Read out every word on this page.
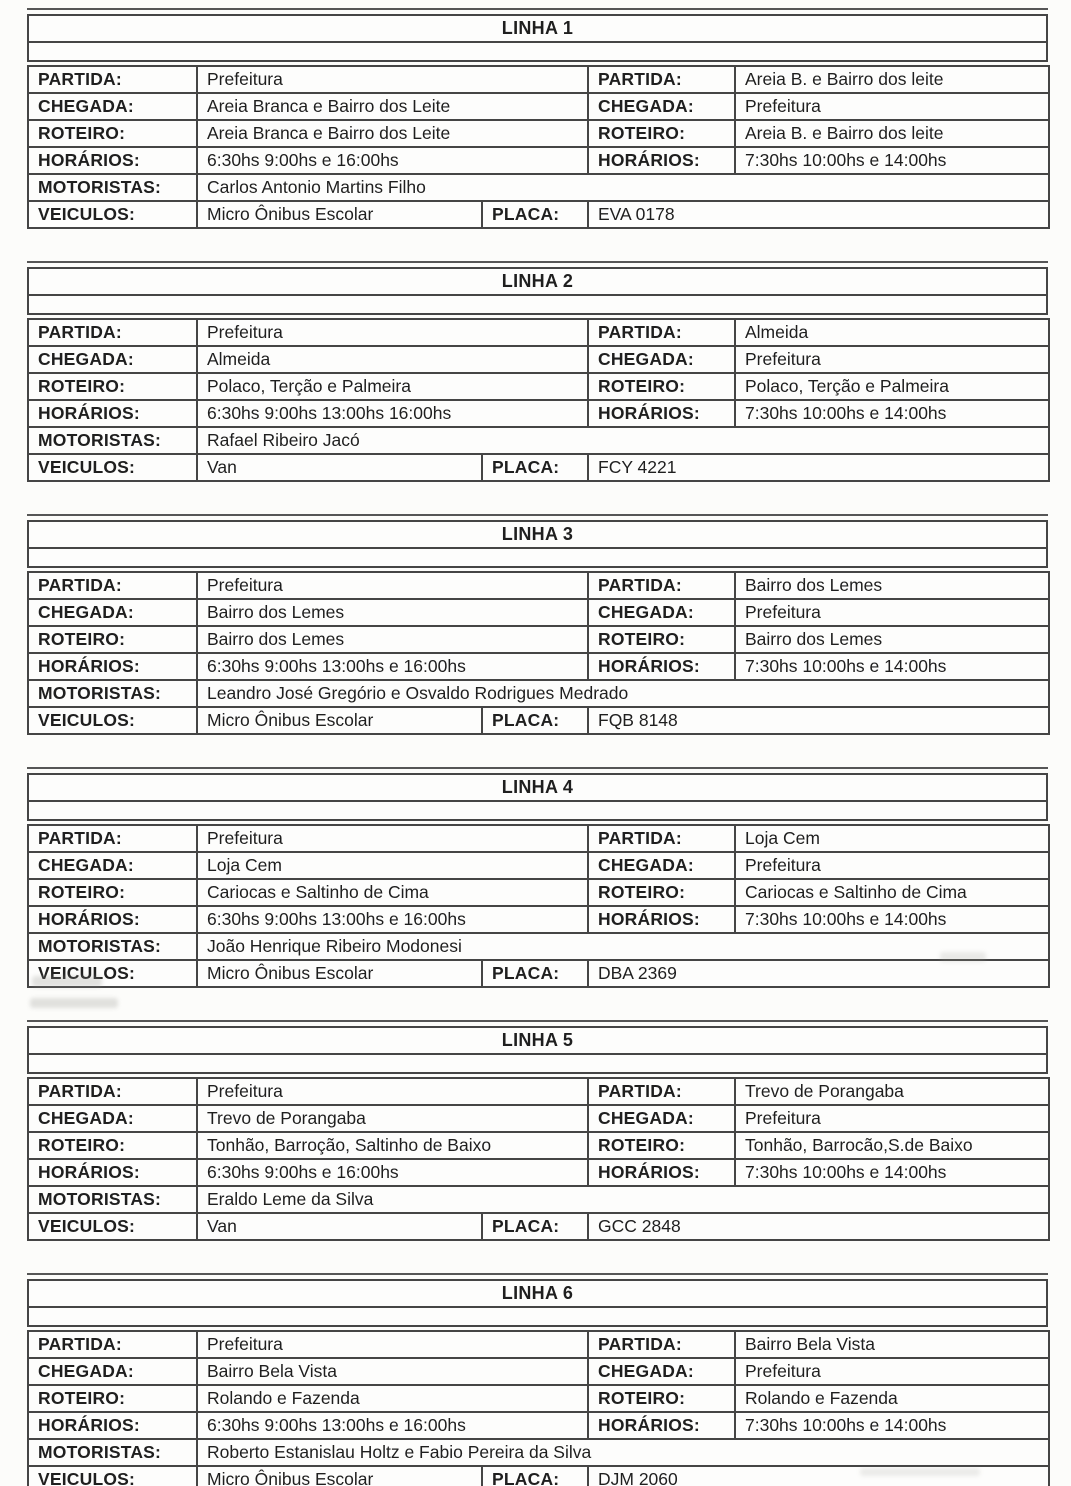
LINHA 1
PARTIDA:	Prefeitura		PARTIDA:	Areia B. e Bairro dos leite
CHEGADA:	Areia Branca e Bairro dos Leite		CHEGADA:	Prefeitura
ROTEIRO:	Areia Branca e Bairro dos Leite		ROTEIRO:	Areia B. e Bairro dos leite
HORÁRIOS:	6:30hs 9:00hs e 16:00hs		HORÁRIOS:	7:30hs 10:00hs e 14:00hs
MOTORISTAS:	Carlos Antonio Martins Filho			
VEICULOS:	Micro Ônibus Escolar	PLACA:	EVA 0178	
LINHA 2
PARTIDA:	Prefeitura		PARTIDA:	Almeida
CHEGADA:	Almeida		CHEGADA:	Prefeitura
ROTEIRO:	Polaco, Terção e Palmeira		ROTEIRO:	Polaco, Terção e Palmeira
HORÁRIOS:	6:30hs 9:00hs 13:00hs 16:00hs		HORÁRIOS:	7:30hs 10:00hs e 14:00hs
MOTORISTAS:	Rafael Ribeiro Jacó			
VEICULOS:	Van	PLACA:	FCY 4221	
LINHA 3
PARTIDA:	Prefeitura		PARTIDA:	Bairro dos Lemes
CHEGADA:	Bairro dos Lemes		CHEGADA:	Prefeitura
ROTEIRO:	Bairro dos Lemes		ROTEIRO:	Bairro dos Lemes
HORÁRIOS:	6:30hs 9:00hs 13:00hs e 16:00hs		HORÁRIOS:	7:30hs 10:00hs e 14:00hs
MOTORISTAS:	Leandro José Gregório e Osvaldo Rodrigues Medrado			
VEICULOS:	Micro Ônibus Escolar	PLACA:	FQB 8148	
LINHA 4
PARTIDA:	Prefeitura		PARTIDA:	Loja Cem
CHEGADA:	Loja Cem		CHEGADA:	Prefeitura
ROTEIRO:	Cariocas e Saltinho de Cima		ROTEIRO:	Cariocas e Saltinho de Cima
HORÁRIOS:	6:30hs 9:00hs 13:00hs e 16:00hs		HORÁRIOS:	7:30hs 10:00hs e 14:00hs
MOTORISTAS:	João Henrique Ribeiro Modonesi			
VEICULOS:	Micro Ônibus Escolar	PLACA:	DBA 2369	
LINHA 5
PARTIDA:	Prefeitura		PARTIDA:	Trevo de Porangaba
CHEGADA:	Trevo de Porangaba		CHEGADA:	Prefeitura
ROTEIRO:	Tonhão, Barroção, Saltinho de Baixo		ROTEIRO:	Tonhão, Barrocão,S.de Baixo
HORÁRIOS:	6:30hs 9:00hs e 16:00hs		HORÁRIOS:	7:30hs 10:00hs e 14:00hs
MOTORISTAS:	Eraldo Leme da Silva			
VEICULOS:	Van	PLACA:	GCC 2848	
LINHA 6
PARTIDA:	Prefeitura		PARTIDA:	Bairro Bela Vista
CHEGADA:	Bairro Bela Vista		CHEGADA:	Prefeitura
ROTEIRO:	Rolando e Fazenda		ROTEIRO:	Rolando e Fazenda
HORÁRIOS:	6:30hs 9:00hs 13:00hs e 16:00hs		HORÁRIOS:	7:30hs 10:00hs e 14:00hs
MOTORISTAS:	Roberto Estanislau Holtz e Fabio Pereira da Silva			
VEICULOS:	Micro Ônibus Escolar	PLACA:	DJM 2060	
